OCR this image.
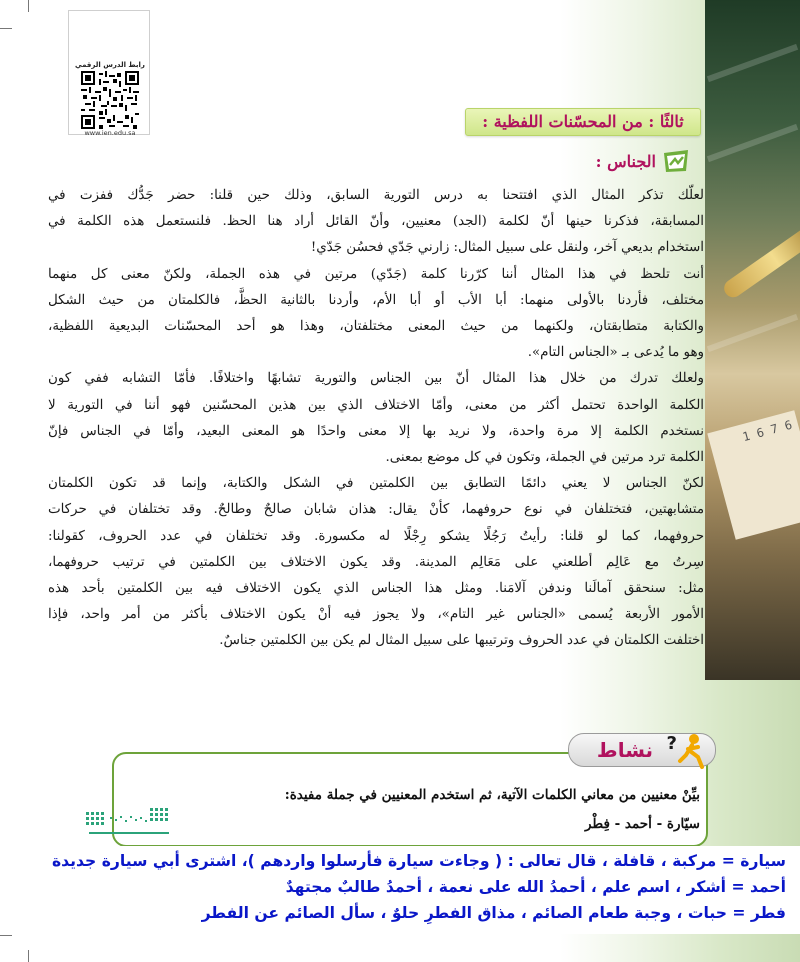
6 7 6 1
رابط الدرس الرقمي
www.ien.edu.sa
ثالثًا : من المحسّنات اللفظية :
الجناس :
لعلّك تذكر المثال الذي افتتحنا به درس التورية السابق، وذلك حين قلنا: حضر جَدُّك ففزت في
المسابقة، فذكرنا حينها أنّ لكلمة (الجد) معنيين، وأنّ القائل أراد هنا الحظ. فلنستعمل هذه الكلمة في
استخدام بديعي آخر، ولنقل على سبيل المثال: زارني جَدّي فحسُن جَدّي!
أنت تلحظ في هذا المثال أننا كرّرنا كلمة (جَدّي) مرتين في هذه الجملة، ولكنّ معنى كل منهما
مختلف، فأردنا بالأولى منهما: أبا الأب أو أبا الأم، وأردنا بالثانية الحظَّ، فالكلمتان من حيث الشكل
والكتابة متطابقتان، ولكنهما من حيث المعنى مختلفتان، وهذا هو أحد المحسّنات البديعية اللفظية،
وهو ما يُدعى بـ «الجناس التام».
ولعلك تدرك من خلال هذا المثال أنّ بين الجناس والتورية تشابهًا واختلافًا. فأمّا التشابه ففي كون
الكلمة الواحدة تحتمل أكثر من معنى، وأمّا الاختلاف الذي بين هذين المحسّنين فهو أننا في التورية لا
نستخدم الكلمة إلا مرة واحدة، ولا نريد بها إلا معنى واحدًا هو المعنى البعيد، وأمّا في الجناس فإنّ
الكلمة ترد مرتين في الجملة، وتكون في كل موضع بمعنى.
لكنّ الجناس لا يعني دائمًا التطابق بين الكلمتين في الشكل والكتابة، وإنما قد تكون الكلمتان
متشابهتين، فتختلفان في نوع حروفهما، كأنْ يقال: هذان شابان صالحٌ وطالحٌ. وقد تختلفان في حركات
حروفهما، كما لو قلنا: رأيتُ رَجُلًا يشكو رِجْلًا له مكسورة. وقد تختلفان في عدد الحروف، كقولنا:
سِرتُ مع عَالِم أطلعني على مَعَالِم المدينة. وقد يكون الاختلاف بين الكلمتين في ترتيب حروفهما،
مثل: سنحقق آمالَنا وندفن آلامَنا. ومثل هذا الجناس الذي يكون الاختلاف فيه بين الكلمتين بأحد هذه
الأمور الأربعة يُسمى «الجناس غير التام»، ولا يجوز فيه أنْ يكون الاختلاف بأكثر من أمر واحد، فإذا
اختلفت الكلمتان في عدد الحروف وترتيبها على سبيل المثال لم يكن بين الكلمتين جناسٌ.
نشاط ?
بيِّنْ معنيين من معاني الكلمات الآتية، ثم استخدم المعنيين في جملة مفيدة:
سيّارة - أحمد - فِطْر
سيارة = مركبة ، قافلة ، قال تعالى : ( وجاءت سيارة فأرسلوا واردهم )، اشترى أبي سيارة جديدة
أحمد = أشكر ، اسم علم ، أحمدُ الله على نعمة ، أحمدُ طالبٌ مجتهدٌ
فطر = حبات ، وجبة طعام الصائم ، مذاق الفطرِ حلوٌ ، سأل الصائم عن الفطر
